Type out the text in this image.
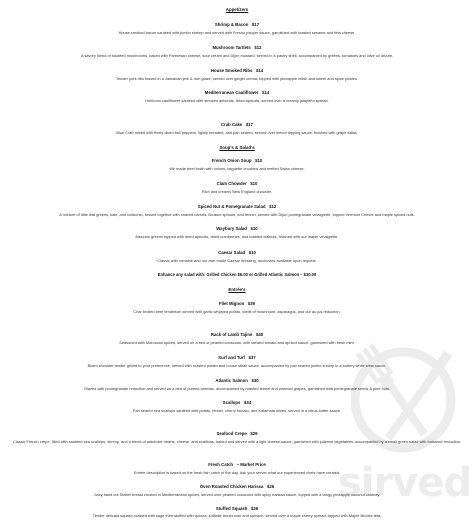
Appetizers
Shrimp & Bacon $17
House smoked bacon sautéed with jumbo shrimp and served with Fresno pepper sauce, garnished with toasted sesame and feta cheese.
Mushroom Tartlets $12
A savory blend of sautéed mushrooms, baked with Parmesan cheese, sour cream and Dijon mustard, served in a pastry shell, accompanied by greens, tomatoes and olive oil drizzle.
House Smoked Ribs $14
Tender pork ribs tossed in a Jamaican jerk & rum glaze, served over ginger crema, topped with pineapple relish and sweet and spice pickles.
Mediterranean Cauliflower $14
Heirloom cauliflower sautéed with smoked almonds, dried apricots, served over a creamy jalapeño spread.
Crab Cake $17
Blue Crab mixed with finely diced bell peppers, lightly breaded, and pan seared, served over lemon dipping sauce, finished with grape salsa.
Soup's & Salad's
French Onion Soup $10
We made beef broth with onions, baguette croutons and melted Swiss cheese.
Clam Chowder $10
Rich and creamy New England chowder.
Spiced Nut & Pomegranate Salad $12
A mixture of little leaf greens, kale, and radicchio, tossed together with shaved carrots, Brussel sprouts, and fennel, served with Dijon pomegranate vinaigrette, topped Vermont Chevre and maple spiced nuts.
Waybury Salad $10
Mesclun greens topped with dried apricots, dried cranberries, and toasted walnuts, finished with our maple vinaigrette.
Caesar Salad $10
Classic with romaine and our own made Caesar dressing, anchovies available upon request.
Enhance any salad with: Grilled Chicken $6.00 or Grilled Atlantic Salmon – $10.00
Entrée's
Filet Mignon $39
Char broiled beef tenderloin served with garlic whipped potato, confit of mushroom, asparagus, and our au jus reduction.
Rack of Lamb Tajine $40
Seasoned with Moroccan spices, served on a bed of pearled couscous, with stewed tomato and apricot sauce, garnished with fresh mint.
Surf and Turf $37
Bistro shoulder tender grilled to your preference, served with roasted potato and house steak sauce, accompanied by pan seared jumbo shrimp in a buttery white wine sauce.
Atlantic Salmon $30
Glazed with pomegranate reduction and served on a bed of pureed celeriac, accompanied by roasted fennel and warmed grapes, garnished with pomegranate seeds & pine nuts.
Scallops $34
Pan seared sea scallops sautéed with potato, fennel, cherry tomato, and Kalamata olives, served in a citrus butter sauce.
Seafood Crepe $29
Classic French crepe, filled with sautéed sea scallops, shrimp, and a blend of artichoke hearts, cheese, and scallions, baked and served with a light cheese sauce, garnished with julienne vegetables, accompanied by a small green salad with balsamic reduction.
Fresh Catch – Market Price
Entrée description is based on the fresh fish catch of the day. Ask your server what our experienced chefs have created.
Oven Roasted Chicken Harissa $26
Juicy hand cut Statler breast crusted in Mediterranean spices, served over pearled couscous with spicy harissa sauce, topped with a tangy pineapple coconut chutney.
Stuffed Squash $26
Tender delicata squash roasted with sage then stuffed with quinoa, shiitake mushroom and spinach, served over a maple cherry spread, topped with Maple Brooks feta.
sirved
